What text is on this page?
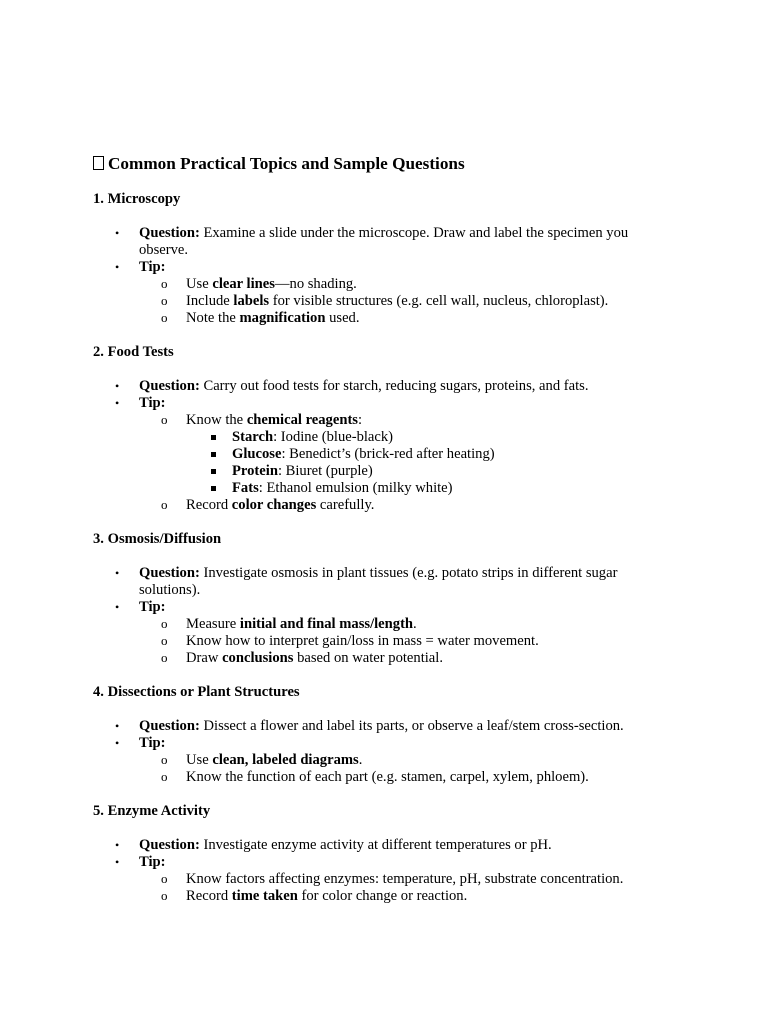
Common Practical Topics and Sample Questions
1. Microscopy
• Question: Examine a slide under the microscope. Draw and label the specimen you observe.
• Tip:
o Use clear lines—no shading.
o Include labels for visible structures (e.g. cell wall, nucleus, chloroplast).
o Note the magnification used.
2. Food Tests
• Question: Carry out food tests for starch, reducing sugars, proteins, and fats.
• Tip:
o Know the chemical reagents:
Starch: Iodine (blue-black)
Glucose: Benedict’s (brick-red after heating)
Protein: Biuret (purple)
Fats: Ethanol emulsion (milky white)
o Record color changes carefully.
3. Osmosis/Diffusion
• Question: Investigate osmosis in plant tissues (e.g. potato strips in different sugar solutions).
• Tip:
o Measure initial and final mass/length.
o Know how to interpret gain/loss in mass = water movement.
o Draw conclusions based on water potential.
4. Dissections or Plant Structures
• Question: Dissect a flower and label its parts, or observe a leaf/stem cross-section.
• Tip:
o Use clean, labeled diagrams.
o Know the function of each part (e.g. stamen, carpel, xylem, phloem).
5. Enzyme Activity
• Question: Investigate enzyme activity at different temperatures or pH.
• Tip:
o Know factors affecting enzymes: temperature, pH, substrate concentration.
o Record time taken for color change or reaction.
